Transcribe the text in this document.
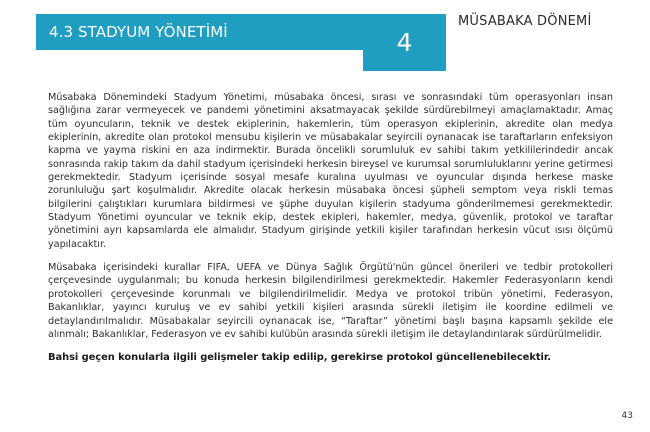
4.3 STADYUM YÖNETİMİ	4
MÜSABAKA DÖNEMİ

Müsabaka Dönemindeki Stadyum Yönetimi, müsabaka öncesi, sırası ve sonrasındaki tüm operasyonları insan sağlığına zarar vermeyecek ve pandemi yönetimini aksatmayacak şekilde sürdürebilmeyi amaçlamaktadır. Amaç tüm oyuncuların, teknik ve destek ekiplerinin, hakemlerin, tüm operasyon ekiplerinin, akredite olan medya ekiplerinin, akredite olan protokol mensubu kişilerin ve müsabakalar seyircili oynanacak ise taraftarların enfeksiyon kapma ve yayma riskini en aza indirmektir. Burada öncelikli sorumluluk ev sahibi takım yetkililerindedir ancak sonrasında rakip takım da dahil stadyum içerisindeki herkesin bireysel ve kurumsal sorumluluklarını yerine getirmesi gerekmektedir. Stadyum içerisinde sosyal mesafe kuralına uyulması ve oyuncular dışında herkese maske zorunluluğu şart koşulmalıdır. Akredite olacak herkesin müsabaka öncesi şüpheli semptom veya riskli temas bilgilerini çalıştıkları kurumlara bildirmesi ve şüphe duyulan kişilerin stadyuma gönderilmemesi gerekmektedir. Stadyum Yönetimi oyuncular ve teknik ekip, destek ekipleri, hakemler, medya, güvenlik, protokol ve taraftar yönetimini ayrı kapsamlarda ele almalıdır. Stadyum girişinde yetkili kişiler tarafından herkesin vücut ısısı ölçümü yapılacaktır.

Müsabaka içerisindeki kurallar FIFA, UEFA ve Dünya Sağlık Örgütü'nün güncel önerileri ve tedbir protokolleri çerçevesinde uygulanmalı; bu konuda herkesin bilgilendirilmesi gerekmektedir. Hakemler Federasyonların kendi protokolleri çerçevesinde korunmalı ve bilgilendirilmelidir. Medya ve protokol tribün yönetimi, Federasyon, Bakanlıklar, yayıncı kuruluş ve ev sahibi yetkili kişileri arasında sürekli iletişim ile koordine edilmeli ve detaylandırılmalıdır. Müsabakalar seyircili oynanacak ise, “Taraftar” yönetimi başlı başına kapsamlı şekilde ele alınmalı; Bakanlıklar, Federasyon ve ev sahibi kulübün arasında sürekli iletişim ile detaylandırılarak sürdürülmelidir.

Bahsi geçen konularla ilgili gelişmeler takip edilip, gerekirse protokol güncellenebilecektir.

43
